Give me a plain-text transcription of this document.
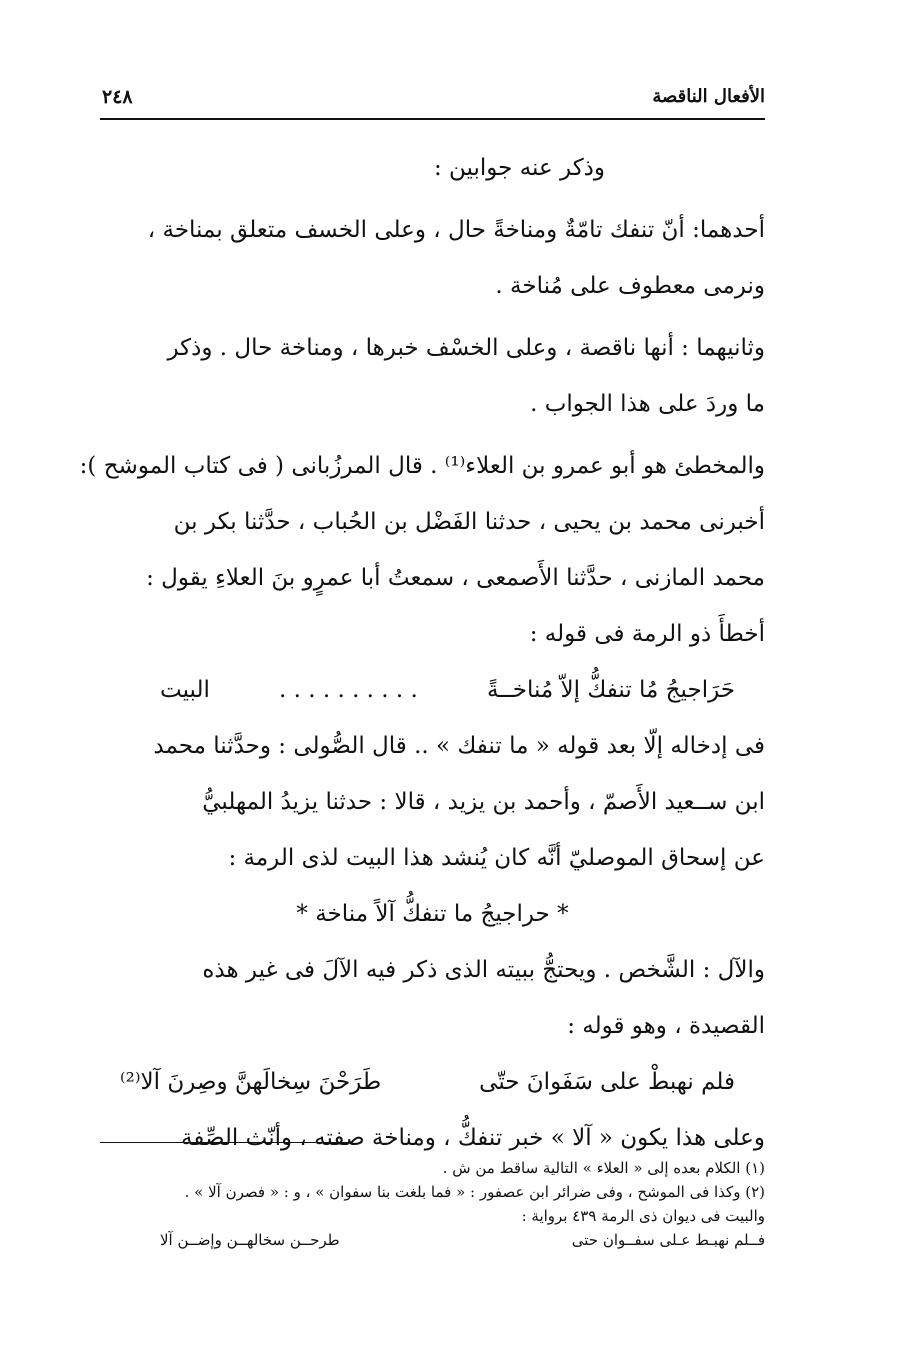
الأفعال الناقصة
٢٤٨
وذكر عنه جوابين :
أحدهما: أنّ تنفك تامّةٌ ومناخةً حال ، وعلى الخسف متعلق بمناخة ،
ونرمى معطوف على مُناخة .
وثانيهما : أنها ناقصة ، وعلى الخسْف خبرها ، ومناخة حال . وذكر
ما وردَ على هذا الجواب .
والمخطئ هو أبو عمرو بن العلاء⁽¹⁾ . قال المرزُبانى ( فى كتاب الموشح ):
أخبرنى محمد بن يحيى ، حدثنا الفَضْل بن الحُباب ، حدَّثنا بكر بن
محمد المازنى ، حدَّثنا الأَصمعى ، سمعتُ أبا عمرٍو بنَ العلاءِ يقول :
أخطأَ ذو الرمة فى قوله :
حَرَاجيجُ مُا تنفكُّ إلاّ مُناخــةً
. . . . . . . . . .
البيت
فى إدخاله إلّا بعد قوله « ما تنفك » .. قال الصُّولى : وحدَّثنا محمد
ابن ســعيد الأَصمّ ، وأحمد بن يزيد ، قالا : حدثنا يزيدُ المهلبيُّ
عن إسحاق الموصليّ أنَّه كان يُنشد هذا البيت لذى الرمة :
* حراجيجُ ما تنفكُّ آلاً مناخة *
والآل : الشَّخص . ويحتجُّ ببيته الذى ذكر فيه الآلَ فى غير هذه
القصيدة ، وهو قوله :
فلم نهبطْ على سَفَوانَ حتّى
طَرَحْنَ سِخالَهنَّ وصِرنَ آلا⁽²⁾
وعلى هذا يكون « آلا » خبر تنفكُّ ، ومناخة صفته ، وأنّث الصِّفة
(١) الكلام بعده إلى « العلاء » التالية ساقط من ش .
(٢) وكذا فى الموشح ، وفى ضرائر ابن عصفور : « فما بلغت بنا سفوان » ، و : « فصرن آلا » .
والبيت فى ديوان ذى الرمة ٤٣٩ برواية :
فــلم نهبـط عـلى سفــوان حتى
طرحــن سخالهــن وإضــن آلا
